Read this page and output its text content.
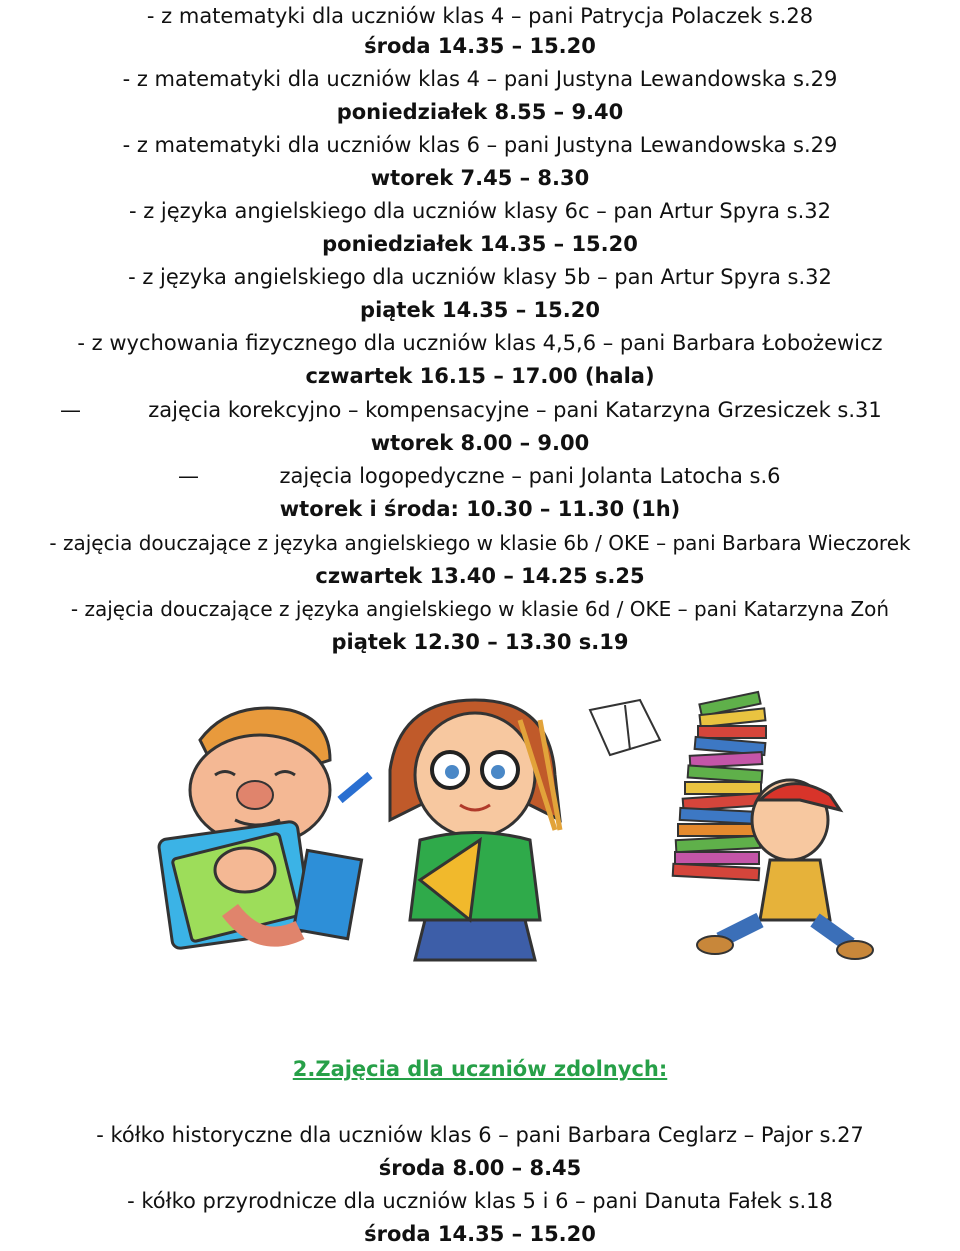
- z matematyki dla uczniów klas 4 – pani Patrycja Polaczek s.28
środa 14.35 – 15.20
- z matematyki dla uczniów klas 4 – pani Justyna Lewandowska s.29
poniedziałek 8.55 – 9.40
- z matematyki dla uczniów klas 6 – pani Justyna Lewandowska s.29
wtorek 7.45 – 8.30
- z języka angielskiego dla uczniów klasy 6c – pan Artur Spyra s.32
poniedziałek 14.35 – 15.20
- z języka angielskiego dla uczniów klasy 5b – pan Artur Spyra s.32
piątek 14.35 – 15.20
- z wychowania fizycznego dla uczniów klas 4,5,6 – pani Barbara Łobożewicz
czwartek 16.15 – 17.00 (hala)
—	zajęcia korekcyjno – kompensacyjne – pani Katarzyna Grzesiczek s.31
wtorek 8.00 – 9.00
—	zajęcia logopedyczne – pani Jolanta Latocha s.6
wtorek i środa: 10.30 – 11.30 (1h)
- zajęcia douczające z języka angielskiego w klasie 6b / OKE – pani Barbara Wieczorek
czwartek 13.40 – 14.25 s.25
- zajęcia douczające z języka angielskiego w klasie 6d / OKE – pani Katarzyna Zoń
piątek 12.30 – 13.30 s.19
2.Zajęcia dla uczniów zdolnych:
- kółko historyczne dla uczniów klas 6 – pani Barbara Ceglarz – Pajor s.27
środa 8.00 – 8.45
- kółko przyrodnicze dla uczniów klas 5 i 6 – pani Danuta Fałek s.18
środa 14.35 – 15.20
